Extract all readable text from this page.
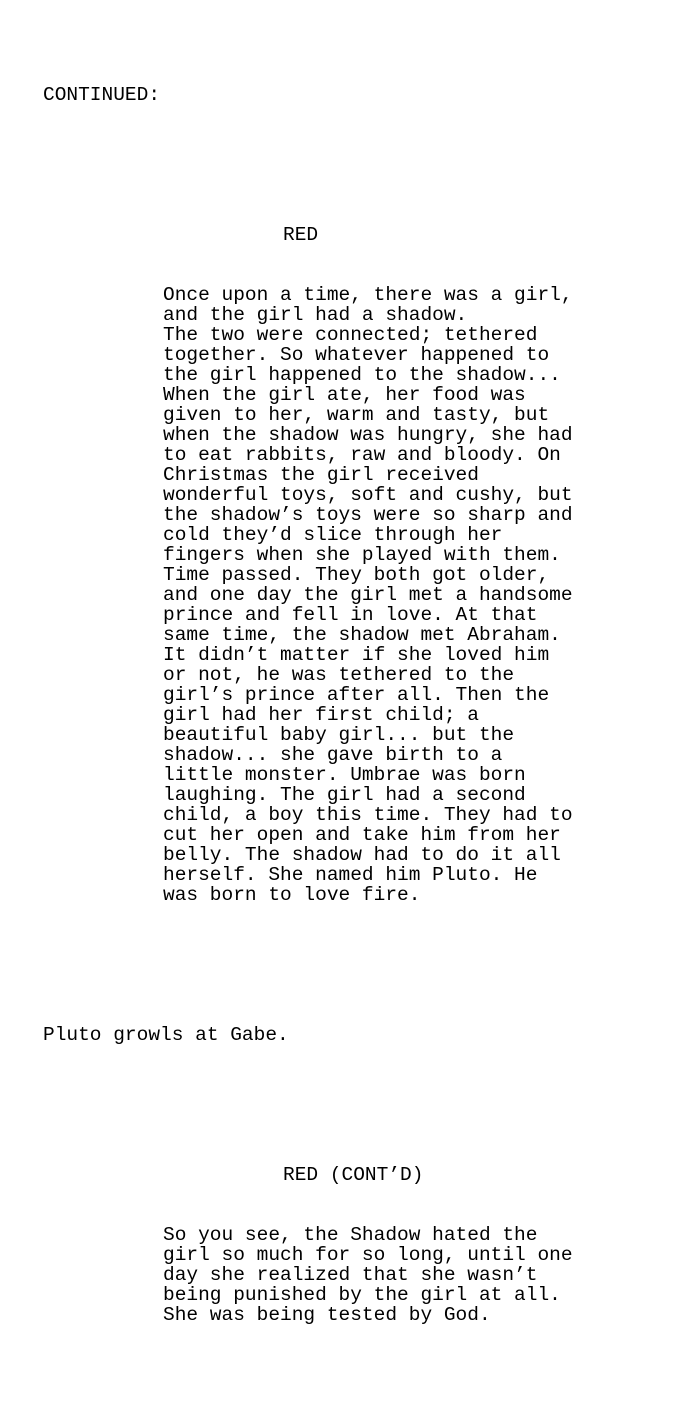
CONTINUED:

RED

Once upon a time, there was a girl,
and the girl had a shadow.
The two were connected; tethered
together. So whatever happened to
the girl happened to the shadow...
When the girl ate, her food was
given to her, warm and tasty, but
when the shadow was hungry, she had
to eat rabbits, raw and bloody. On
Christmas the girl received
wonderful toys, soft and cushy, but
the shadow’s toys were so sharp and
cold they’d slice through her
fingers when she played with them.
Time passed. They both got older,
and one day the girl met a handsome
prince and fell in love. At that
same time, the shadow met Abraham.
It didn’t matter if she loved him
or not, he was tethered to the
girl’s prince after all. Then the
girl had her first child; a
beautiful baby girl... but the
shadow... she gave birth to a
little monster. Umbrae was born
laughing. The girl had a second
child, a boy this time. They had to
cut her open and take him from her
belly. The shadow had to do it all
herself. She named him Pluto. He
was born to love fire.

Pluto growls at Gabe.

RED (CONT’D)

So you see, the Shadow hated the
girl so much for so long, until one
day she realized that she wasn’t
being punished by the girl at all.
She was being tested by God.
